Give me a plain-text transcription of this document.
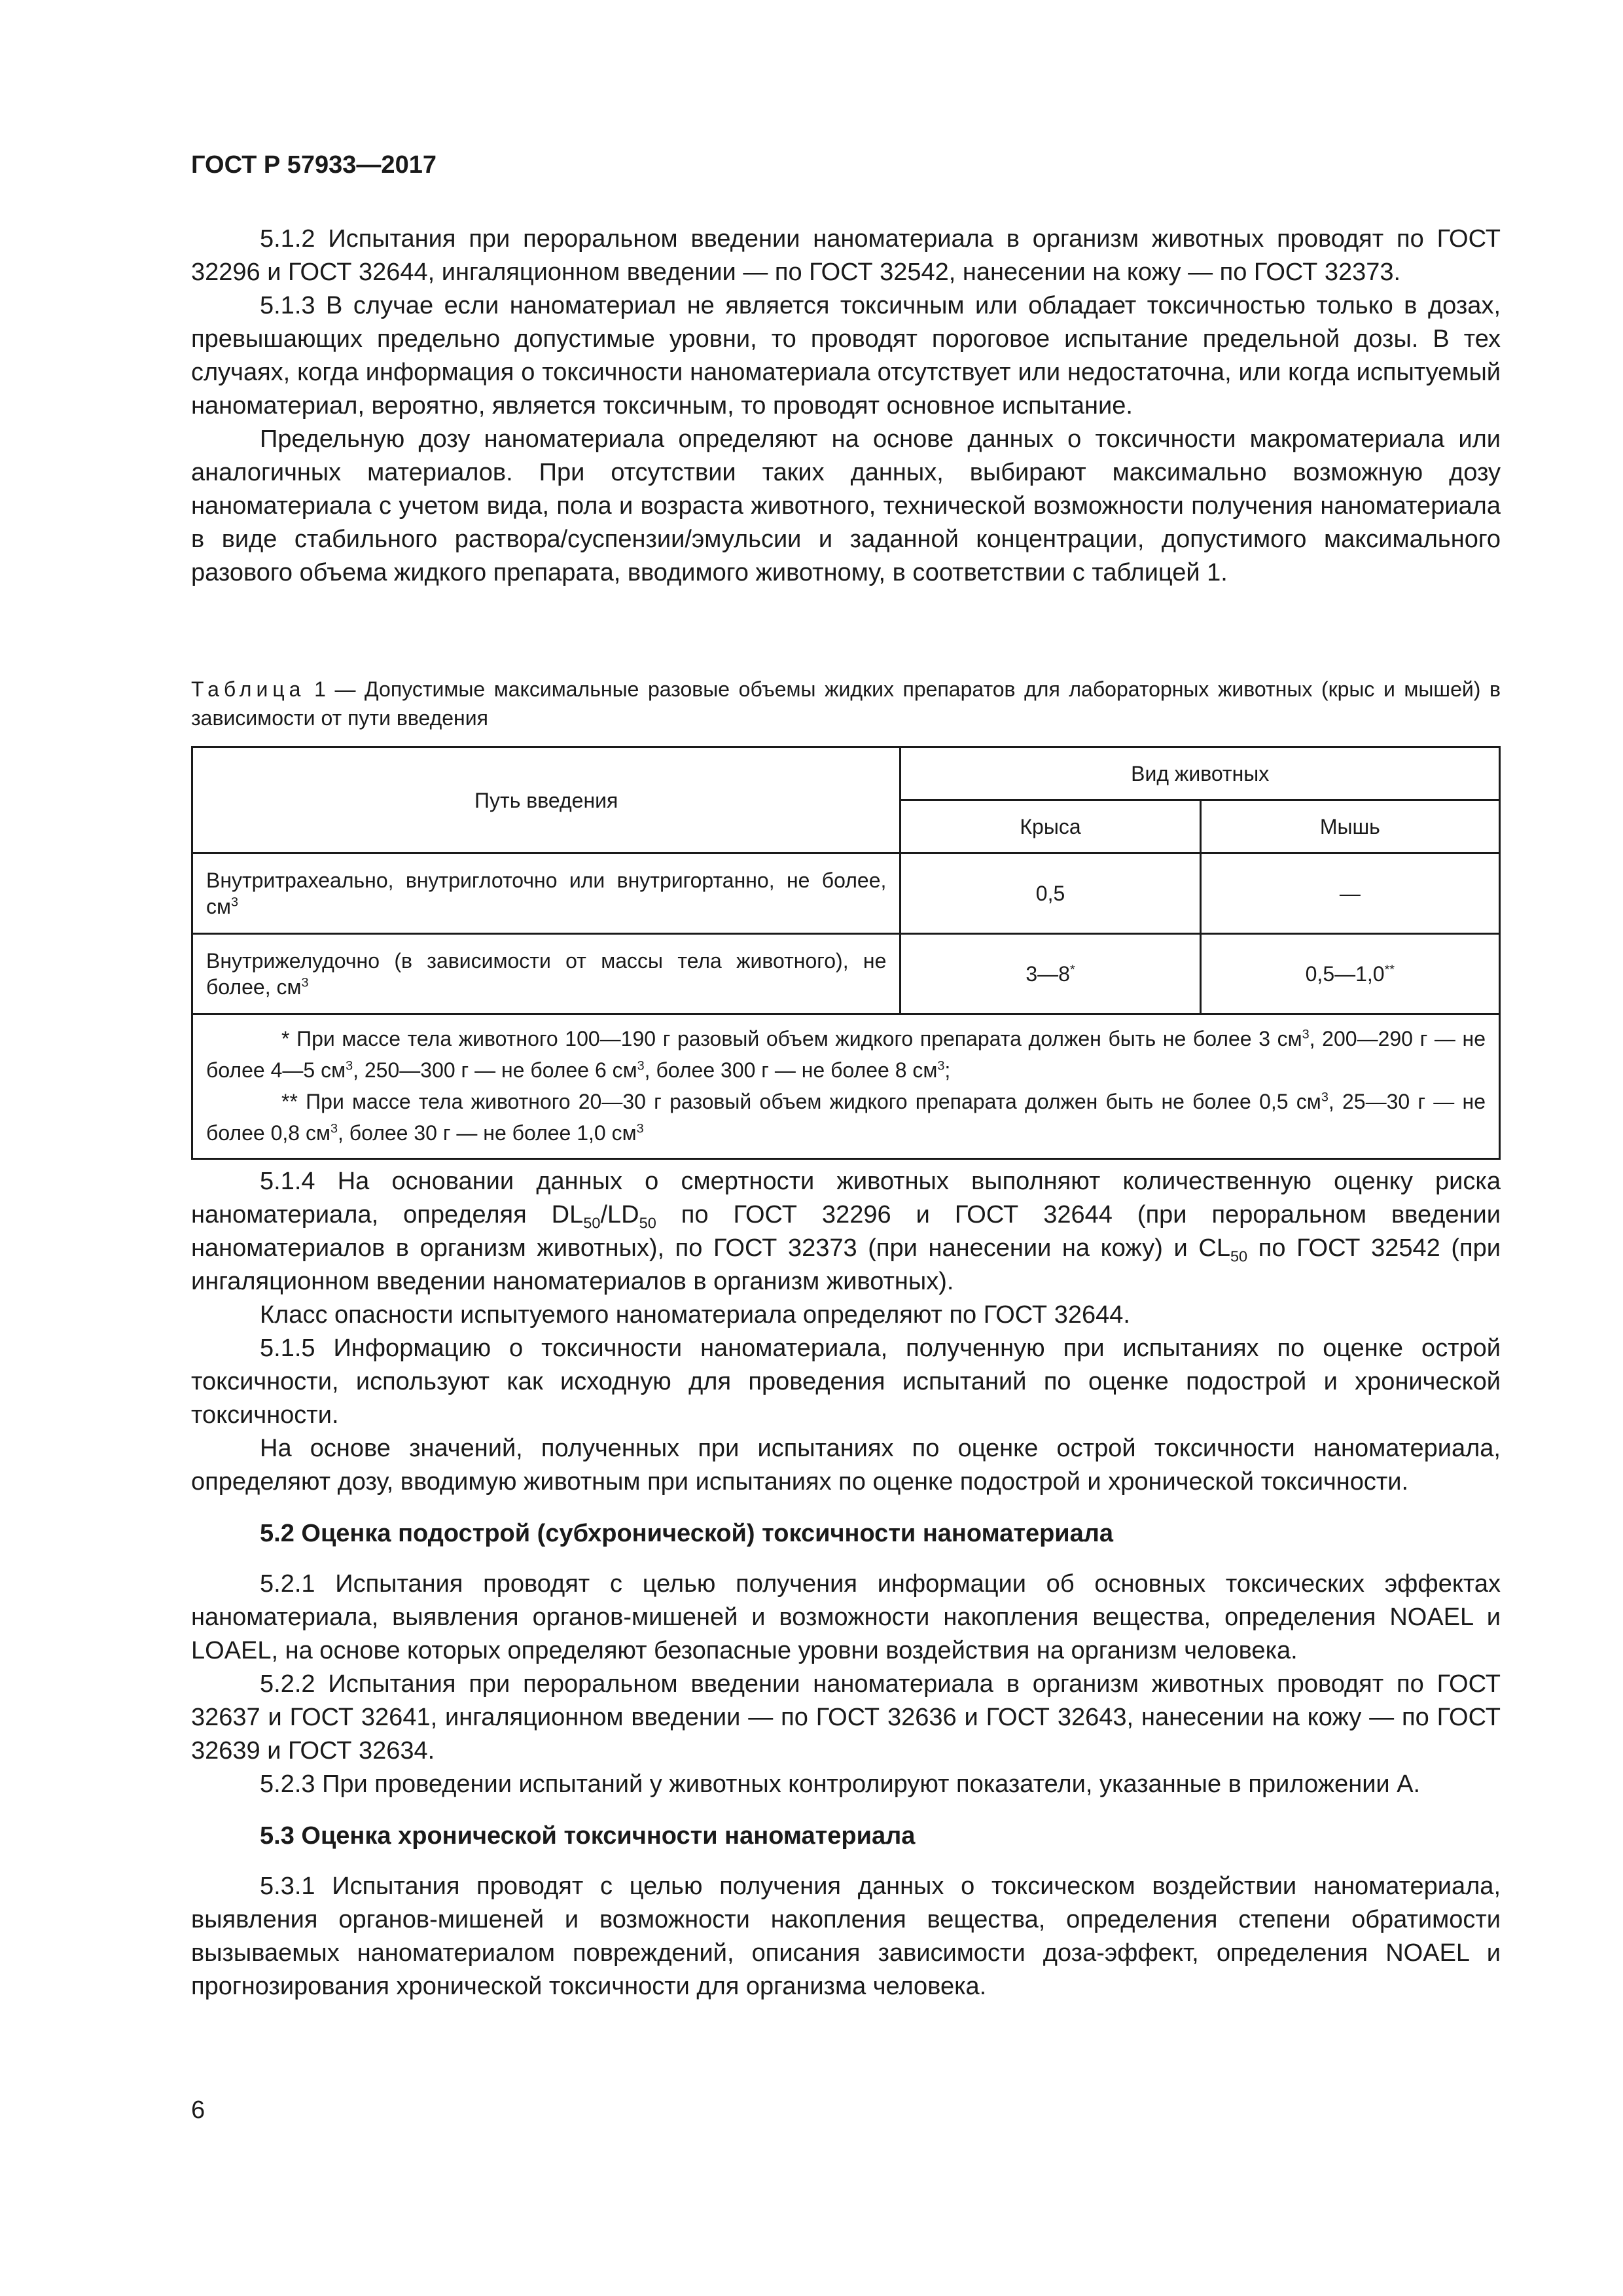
ГОСТ Р 57933—2017

5.1.2 Испытания при пероральном введении наноматериала в организм животных проводят по ГОСТ 32296 и ГОСТ 32644, ингаляционном введении — по ГОСТ 32542, нанесении на кожу — по ГОСТ 32373.

5.1.3 В случае если наноматериал не является токсичным или обладает токсичностью только в дозах, превышающих предельно допустимые уровни, то проводят пороговое испытание предельной дозы. В тех случаях, когда информация о токсичности наноматериала отсутствует или недостаточна, или когда испытуемый наноматериал, вероятно, является токсичным, то проводят основное испытание.

Предельную дозу наноматериала определяют на основе данных о токсичности макроматериала или аналогичных материалов. При отсутствии таких данных, выбирают максимально возможную дозу наноматериала с учетом вида, пола и возраста животного, технической возможности получения наноматериала в виде стабильного раствора/суспензии/эмульсии и заданной концентрации, допустимого максимального разового объема жидкого препарата, вводимого животному, в соответствии с таблицей 1.

Таблица 1 — Допустимые максимальные разовые объемы жидких препаратов для лабораторных животных (крыс и мышей) в зависимости от пути введения

Путь введения	Вид животных	
	Крыса	Мышь
Внутритрахеально, внутриглоточно или внутригортанно, не более, $см^3$	0,5	—
Внутрижелудочно (в зависимости от массы тела животного), не более, $см^3$	3—8*	0,5—1,0**

* При массе тела животного 100—190 г разовый объем жидкого препарата должен быть не более 3 $см^3$, 200—290 г — не более 4—5 $см^3$, 250—300 г — не более 6 $см^3$, более 300 г — не более 8 $см^3$;

** При массе тела животного 20—30 г разовый объем жидкого препарата должен быть не более 0,5 $см^3$, 25—30 г — не более 0,8 $см^3$, более 30 г — не более 1,0 $см^3$

5.1.4 На основании данных о смертности животных выполняют количественную оценку риска наноматериала, определяя $DL_{50}/LD_{50}$ по ГОСТ 32296 и ГОСТ 32644 (при пероральном введении наноматериалов в организм животных), по ГОСТ 32373 (при нанесении на кожу) и $CL_{50}$ по ГОСТ 32542 (при ингаляционном введении наноматериалов в организм животных).

Класс опасности испытуемого наноматериала определяют по ГОСТ 32644.

5.1.5 Информацию о токсичности наноматериала, полученную при испытаниях по оценке острой токсичности, используют как исходную для проведения испытаний по оценке подострой и хронической токсичности.

На основе значений, полученных при испытаниях по оценке острой токсичности наноматериала, определяют дозу, вводимую животным при испытаниях по оценке подострой и хронической токсичности.

5.2 Оценка подострой (субхронической) токсичности наноматериала

5.2.1 Испытания проводят с целью получения информации об основных токсических эффектах наноматериала, выявления органов-мишеней и возможности накопления вещества, определения NOAEL и LOAEL, на основе которых определяют безопасные уровни воздействия на организм человека.

5.2.2 Испытания при пероральном введении наноматериала в организм животных проводят по ГОСТ 32637 и ГОСТ 32641, ингаляционном введении — по ГОСТ 32636 и ГОСТ 32643, нанесении на кожу — по ГОСТ 32639 и ГОСТ 32634.

5.2.3 При проведении испытаний у животных контролируют показатели, указанные в приложении А.

5.3 Оценка хронической токсичности наноматериала

5.3.1 Испытания проводят с целью получения данных о токсическом воздействии наноматериала, выявления органов-мишеней и возможности накопления вещества, определения степени обратимости вызываемых наноматериалом повреждений, описания зависимости доза-эффект, определения NOAEL и прогнозирования хронической токсичности для организма человека.

6
